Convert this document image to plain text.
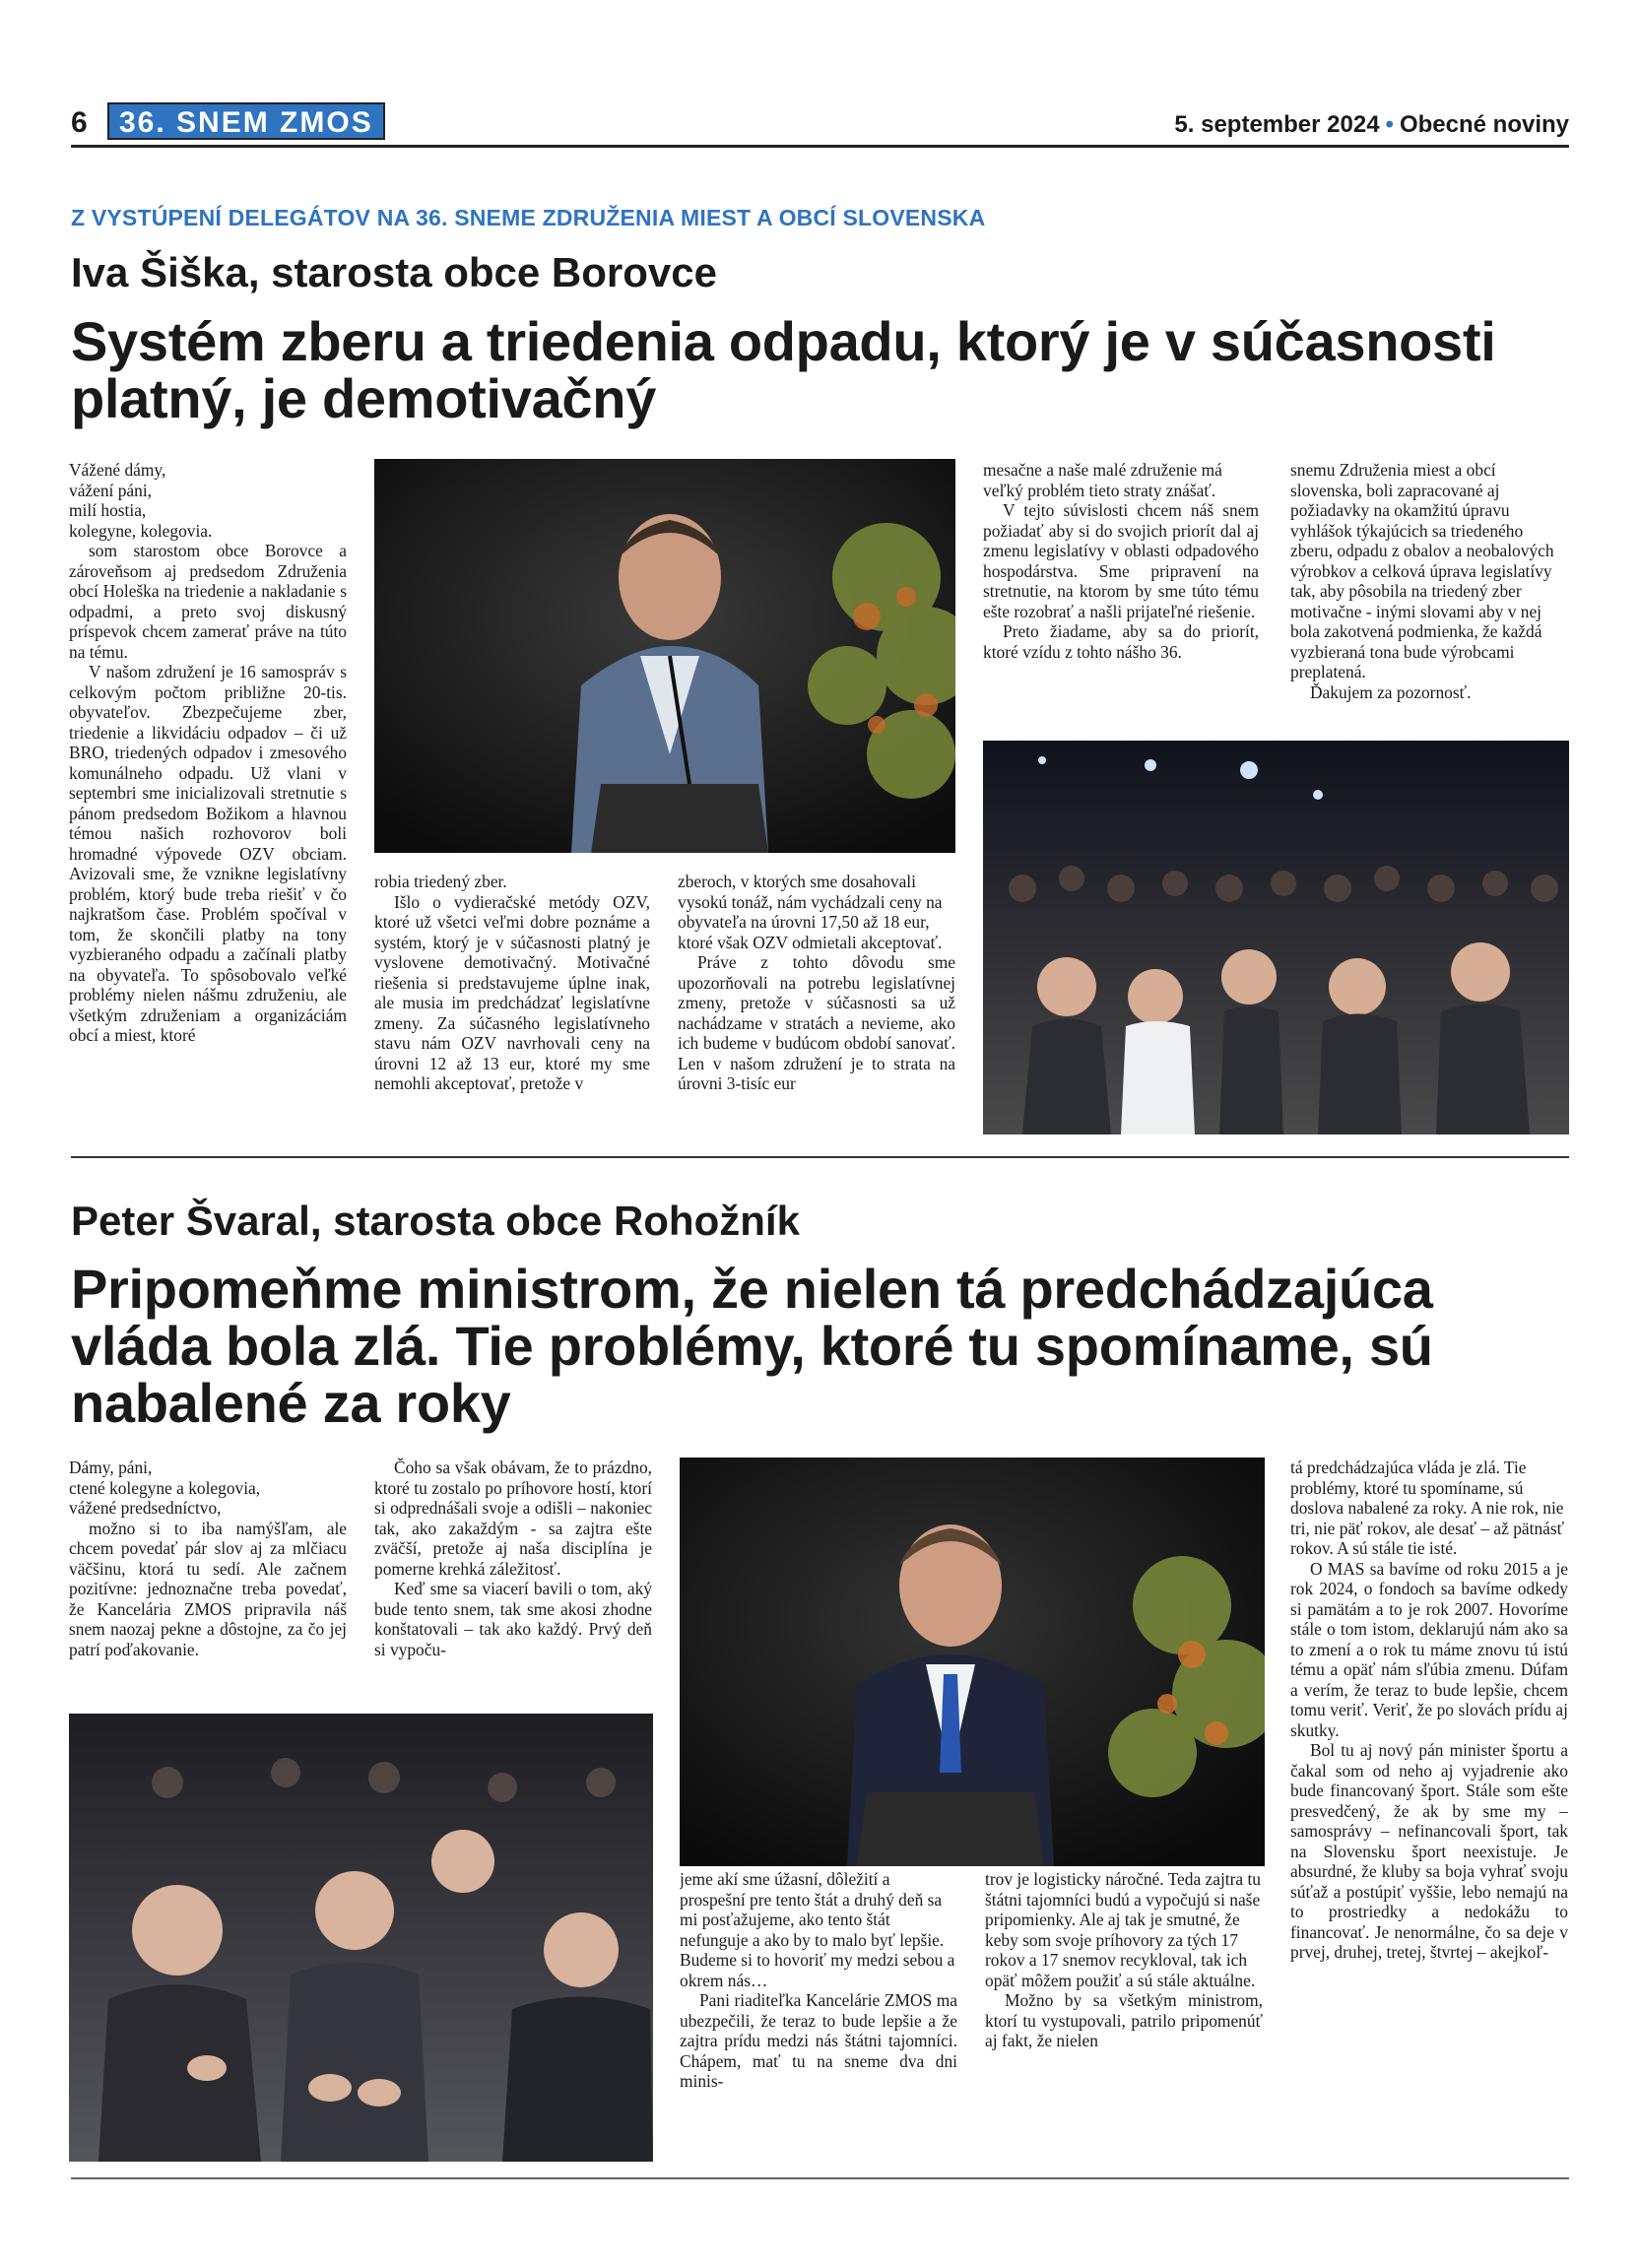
6	36. SNEM ZMOS	5. september 2024 • Obecné noviny
Z VYSTÚPENÍ DELEGÁTOV NA 36. SNEME ZDRUŽENIA MIEST A OBCÍ SLOVENSKA
Iva Šiška, starosta obce Borovce
Systém zberu a triedenia odpadu, ktorý je v súčasnosti platný, je demotivačný

Vážené dámy,

vážení páni,

milí hostia,

kolegyne, kolegovia.

som starostom obce Borovce a zároveňsom aj predsedom Združenia obcí Holeška na triedenie a nakladanie s odpadmi, a preto svoj diskusný príspevok chcem zamerať práve na túto na tému.

V našom združení je 16 samospráv s celkovým počtom približne 20-tis. obyvateľov. Zbezpečujeme zber, triedenie a likvidáciu odpadov – či už BRO, triedených odpadov i zmesového komunálneho odpadu. Už vlani v septembri sme inicializovali stretnutie s pánom predsedom Božikom a hlavnou témou našich rozhovorov boli hromadné výpovede OZV obciam. Avizovali sme, že vznikne legislatívny problém, ktorý bude treba riešiť v čo najkratšom čase. Problém spočíval v tom, že skončili platby na tony vyzbieraného odpadu a začínali platby na obyvateľa. To spôsobovalo veľké problémy nielen nášmu združeniu, ale všetkým združeniam a organizáciám obcí a miest, ktoré

robia triedený zber.

Išlo o vydieračské metódy OZV, ktoré už všetci veľmi dobre poznáme a systém, ktorý je v súčasnosti platný je vyslovene demotivačný. Motivačné riešenia si predstavujeme úplne inak, ale musia im predchádzať legislatívne zmeny. Za súčasného legislatívneho stavu nám OZV navrhovali ceny na úrovni 12 až 13 eur, ktoré my sme nemohli akceptovať, pretože v

zberoch, v ktorých sme dosahovali vysokú tonáž, nám vychádzali ceny na obyvateľa na úrovni 17,50 až 18 eur, ktoré však OZV odmietali akceptovať.

Práve z tohto dôvodu sme upozorňovali na potrebu legislatívnej zmeny, pretože v súčasnosti sa už nachádzame v stratách a nevieme, ako ich budeme v budúcom období sanovať. Len v našom združení je to strata na úrovni 3-tisíc eur

mesačne a naše malé združenie má veľký problém tieto straty znášať.

V tejto súvislosti chcem náš snem požiadať aby si do svojich priorít dal aj zmenu legislatívy v oblasti odpadového hospodárstva. Sme pripravení na stretnutie, na ktorom by sme túto tému ešte rozobrať a našli prijateľné riešenie.

Preto žiadame, aby sa do priorít, ktoré vzídu z tohto nášho 36.

snemu Združenia miest a obcí slovenska, boli zapracované aj požiadavky na okamžitú úpravu vyhlášok týkajúcich sa triedeného zberu, odpadu z obalov a neobalových výrobkov a celková úprava legislatívy tak, aby pôsobila na triedený zber motivačne - inými slovami aby v nej bola zakotvená podmienka, že každá vyzbieraná tona bude výrobcami preplatená.

Ďakujem za pozornosť.

Peter Švaral, starosta obce Rohožník
Pripomeňme ministrom, že nielen tá predchádzajúca vláda bola zlá. Tie problémy, ktoré tu spomíname, sú nabalené za roky

Dámy, páni,

ctené kolegyne a kolegovia,

vážené predsedníctvo,

možno si to iba namýšľam, ale chcem povedať pár slov aj za mlčiacu väčšinu, ktorá tu sedí. Ale začnem pozitívne: jednoznačne treba povedať, že Kancelária ZMOS pripravila náš snem naozaj pekne a dôstojne, za čo jej patrí poďakovanie.

Čoho sa však obávam, že to prázdno, ktoré tu zostalo po príhovore hostí, ktorí si odprednášali svoje a odišli – nakoniec tak, ako zakaždým - sa zajtra ešte zväčší, pretože aj naša disciplína je pomerne krehká záležitosť.

Keď sme sa viacerí bavili o tom, aký bude tento snem, tak sme akosi zhodne konštatovali – tak ako každý. Prvý deň si vypoču-

jeme akí sme úžasní, dôležití a prospešní pre tento štát a druhý deň sa mi posťažujeme, ako tento štát nefunguje a ako by to malo byť lepšie. Budeme si to hovoriť my medzi sebou a okrem nás…

Pani riaditeľka Kancelárie ZMOS ma ubezpečili, že teraz to bude lepšie a že zajtra prídu medzi nás štátni tajomníci. Chápem, mať tu na sneme dva dni minis-

trov je logisticky náročné. Teda zajtra tu štátni tajomníci budú a vypočujú si naše pripomienky. Ale aj tak je smutné, že keby som svoje príhovory za tých 17 rokov a 17 snemov recykloval, tak ich opäť môžem použiť a sú stále aktuálne.

Možno by sa všetkým ministrom, ktorí tu vystupovali, patrilo pripomenúť aj fakt, že nielen

tá predchádzajúca vláda je zlá. Tie problémy, ktoré tu spomíname, sú doslova nabalené za roky. A nie rok, nie tri, nie päť rokov, ale desať – až pätnásť rokov. A sú stále tie isté.

O MAS sa bavíme od roku 2015 a je rok 2024, o fondoch sa bavíme odkedy si pamätám a to je rok 2007. Hovoríme stále o tom istom, deklarujú nám ako sa to zmení a o rok tu máme znovu tú istú tému a opäť nám sľúbia zmenu. Dúfam a verím, že teraz to bude lepšie, chcem tomu veriť. Veriť, že po slovách prídu aj skutky.

Bol tu aj nový pán minister športu a čakal som od neho aj vyjadrenie ako bude financovaný šport. Stále som ešte presvedčený, že ak by sme my – samosprávy – nefinancovali šport, tak na Slovensku šport neexistuje. Je absurdné, že kluby sa boja vyhrať svoju súťaž a postúpiť vyššie, lebo nemajú na to prostriedky a nedokážu to financovať. Je nenormálne, čo sa deje v prvej, druhej, tretej, štvrtej – akejkoľ-
